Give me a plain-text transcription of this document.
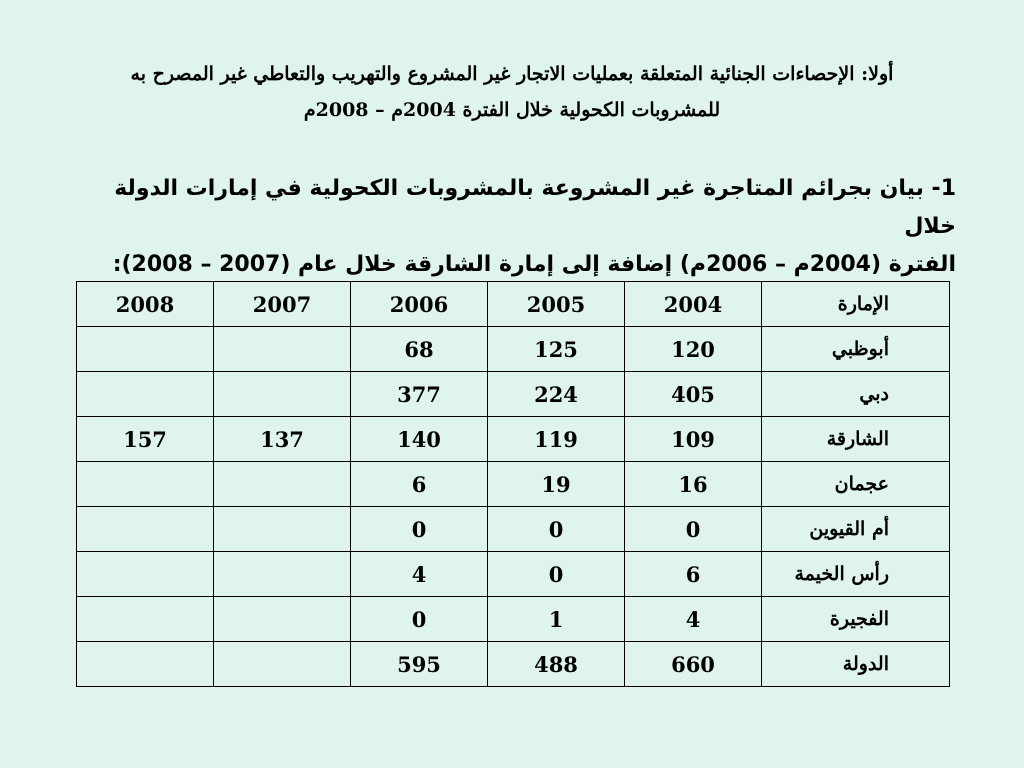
أولا: الإحصاءات الجنائية المتعلقة بعمليات الاتجار غير المشروع والتهريب والتعاطي غير المصرح به
للمشروبات الكحولية خلال الفترة 2004م – 2008م
1- بيان بجرائم المتاجرة غير المشروعة بالمشروبات الكحولية في إمارات الدولة خلال
الفترة (2004م – 2006م) إضافة إلى إمارة الشارقة خلال عام (2007 – 2008):
الإمارة	2004	2005	2006	2007	2008
أبوظبي	120	125	68		
دبي	405	224	377		
الشارقة	109	119	140	137	157
عجمان	16	19	6		
أم القيوين	0	0	0		
رأس الخيمة	6	0	4		
الفجيرة	4	1	0		
الدولة	660	488	595		
